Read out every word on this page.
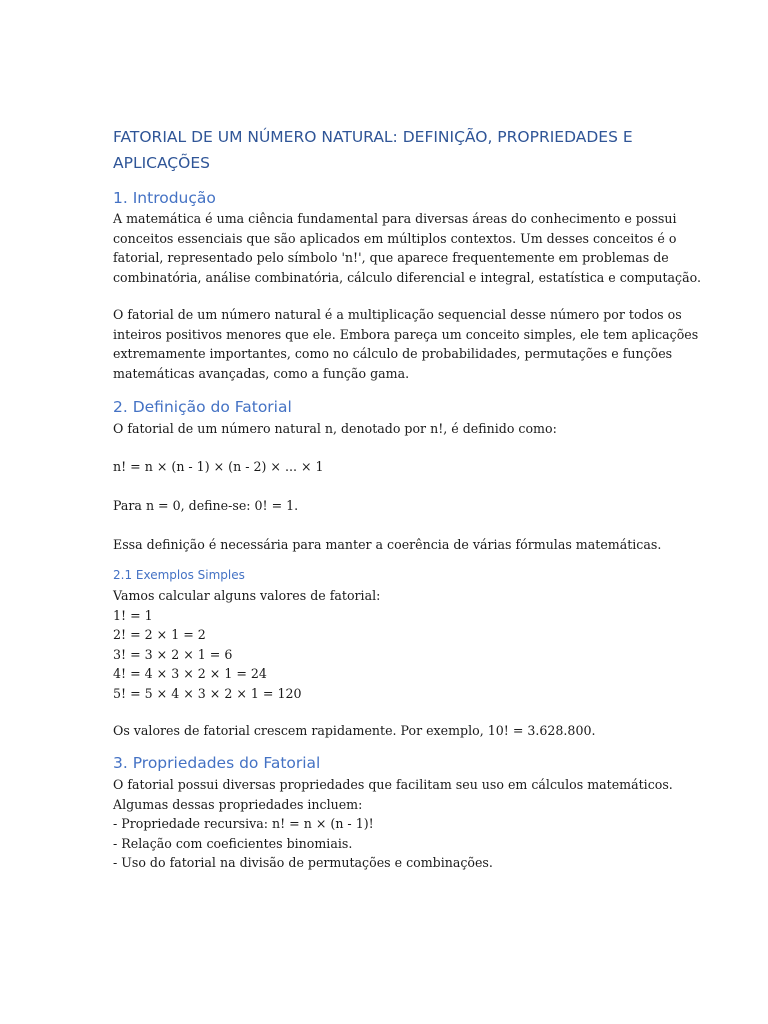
FATORIAL DE UM NÚMERO NATURAL: DEFINIÇÃO, PROPRIEDADES E APLICAÇÕES
1. Introdução

A matemática é uma ciência fundamental para diversas áreas do conhecimento e possui
conceitos essenciais que são aplicados em múltiplos contextos. Um desses conceitos é o
fatorial, representado pelo símbolo 'n!', que aparece frequentemente em problemas de
combinatória, análise combinatória, cálculo diferencial e integral, estatística e computação.

O fatorial de um número natural é a multiplicação sequencial desse número por todos os
inteiros positivos menores que ele. Embora pareça um conceito simples, ele tem aplicações
extremamente importantes, como no cálculo de probabilidades, permutações e funções
matemáticas avançadas, como a função gama.

2. Definição do Fatorial

O fatorial de um número natural n, denotado por n!, é definido como:

n! = n × (n - 1) × (n - 2) × ... × 1

Para n = 0, define-se: 0! = 1.

Essa definição é necessária para manter a coerência de várias fórmulas matemáticas.

2.1 Exemplos Simples

Vamos calcular alguns valores de fatorial:
1! = 1
2! = 2 × 1 = 2
3! = 3 × 2 × 1 = 6
4! = 4 × 3 × 2 × 1 = 24
5! = 5 × 4 × 3 × 2 × 1 = 120

Os valores de fatorial crescem rapidamente. Por exemplo, 10! = 3.628.800.

3. Propriedades do Fatorial

O fatorial possui diversas propriedades que facilitam seu uso em cálculos matemáticos.
Algumas dessas propriedades incluem:
- Propriedade recursiva: n! = n × (n - 1)!
- Relação com coeficientes binomiais.
- Uso do fatorial na divisão de permutações e combinações.
